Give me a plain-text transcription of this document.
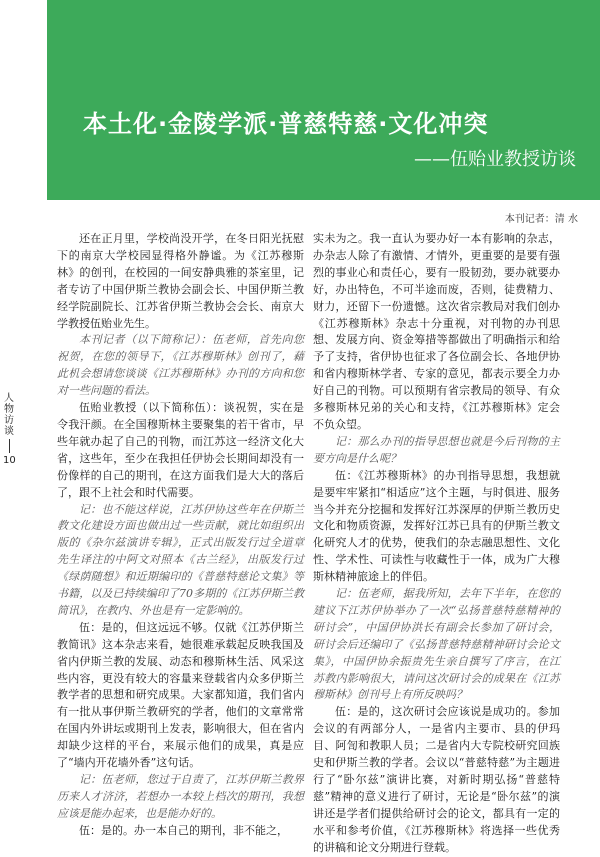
本土化·金陵学派·普慈特慈·文化冲突
——伍贻业教授访谈
本刊记者：清 水
人物访谈
10

还在正月里，学校尚没开学，在冬日阳光抚慰下的南京大学校园显得格外静谧。为《江苏穆斯林》的创刊，在校园的一间安静典雅的茶室里，记者专访了中国伊斯兰教协会副会长、中国伊斯兰教经学院副院长、江苏省伊斯兰教协会会长、南京大学教授伍贻业先生。

本刊记者（以下简称记）：伍老师，首先向您祝贺，在您的领导下，《江苏穆斯林》创刊了，藉此机会想请您谈谈《江苏穆斯林》办刊的方向和您对一些问题的看法。

伍贻业教授（以下简称伍）：谈祝贺，实在是令我汗颜。在全国穆斯林主要聚集的若干省市，早些年就办起了自己的刊物，而江苏这一经济文化大省，这些年，至少在我担任伊协会长期间却没有一份像样的自己的期刊，在这方面我们是大大的落后了，跟不上社会和时代需要。

记：也不能这样说，江苏伊协这些年在伊斯兰教文化建设方面也做出过一些贡献，就比如组织出版的《杂尔兹演讲专辑》，正式出版发行过全道章先生译注的中阿文对照本《古兰经》，出版发行过《绿荫随想》和近期编印的《普慈特慈论文集》等书籍，以及已持续编印了70多期的《江苏伊斯兰教简讯》，在教内、外也是有一定影响的。

伍：是的，但这远远不够。仅就《江苏伊斯兰教简讯》这本杂志来看，她很难承载起反映我国及省内伊斯兰教的发展、动态和穆斯林生活、风采这些内容，更没有较大的容量来登载省内众多伊斯兰教学者的思想和研究成果。大家都知道，我们省内有一批从事伊斯兰教研究的学者，他们的文章常常在国内外讲坛或期刊上发表，影响很大，但在省内却缺少这样的平台，来展示他们的成果，真是应了“墙内开花墙外香”这句话。

记：伍老师，您过于自责了，江苏伊斯兰教界历来人才济济，若想办一本较上档次的期刊，我想应该是能办起来，也是能办好的。

伍：是的。办一本自己的期刊，非不能之，

实未为之。我一直认为要办好一本有影响的杂志，办杂志人除了有激情、才情外，更重要的是要有强烈的事业心和责任心，要有一股韧劲，要办就要办好，办出特色，不可半途而废，否则，徒费精力、财力，还留下一份遗憾。这次省宗教局对我们创办《江苏穆斯林》杂志十分重视，对刊物的办刊思想、发展方向、资金筹措等都做出了明确指示和给予了支持，省伊协也征求了各位副会长、各地伊协和省内穆斯林学者、专家的意见，都表示要全力办好自己的刊物。可以预期有省宗教局的领导、有众多穆斯林兄弟的关心和支持，《江苏穆斯林》定会不负众望。

记：那么办刊的指导思想也就是今后刊物的主要方向是什么呢？

伍：《江苏穆斯林》的办刊指导思想，我想就是要牢牢紧扣“相适应”这个主题，与时俱进、服务当今并充分挖掘和发挥好江苏深厚的伊斯兰教历史文化和物质资源，发挥好江苏已具有的伊斯兰教文化研究人才的优势，使我们的杂志融思想性、文化性、学术性、可读性与收藏性于一体，成为广大穆斯林精神旅途上的伴侣。

记：伍老师，据我所知，去年下半年，在您的建议下江苏伊协举办了一次“弘扬普慈特慈精神的研讨会”，中国伊协洪长有副会长参加了研讨会，研讨会后还编印了《弘扬普慈特慈精神研讨会论文集》，中国伊协余振贵先生亲自撰写了序言，在江苏教内影响很大，请问这次研讨会的成果在《江苏穆斯林》创刊号上有所反映吗？

伍：是的，这次研讨会应该说是成功的。参加会议的有两部分人，一是省内主要市、县的伊玛目、阿訇和教职人员；二是省内大专院校研究回族史和伊斯兰教的学者。会议以“普慈特慈”为主题进行了“卧尔兹”演讲比赛，对新时期弘扬“普慈特慈”精神的意义进行了研讨，无论是“卧尔兹”的演讲还是学者们提供给研讨会的论文，都具有一定的水平和参考价值，《江苏穆斯林》将选择一些优秀的讲稿和论文分期进行登载。
